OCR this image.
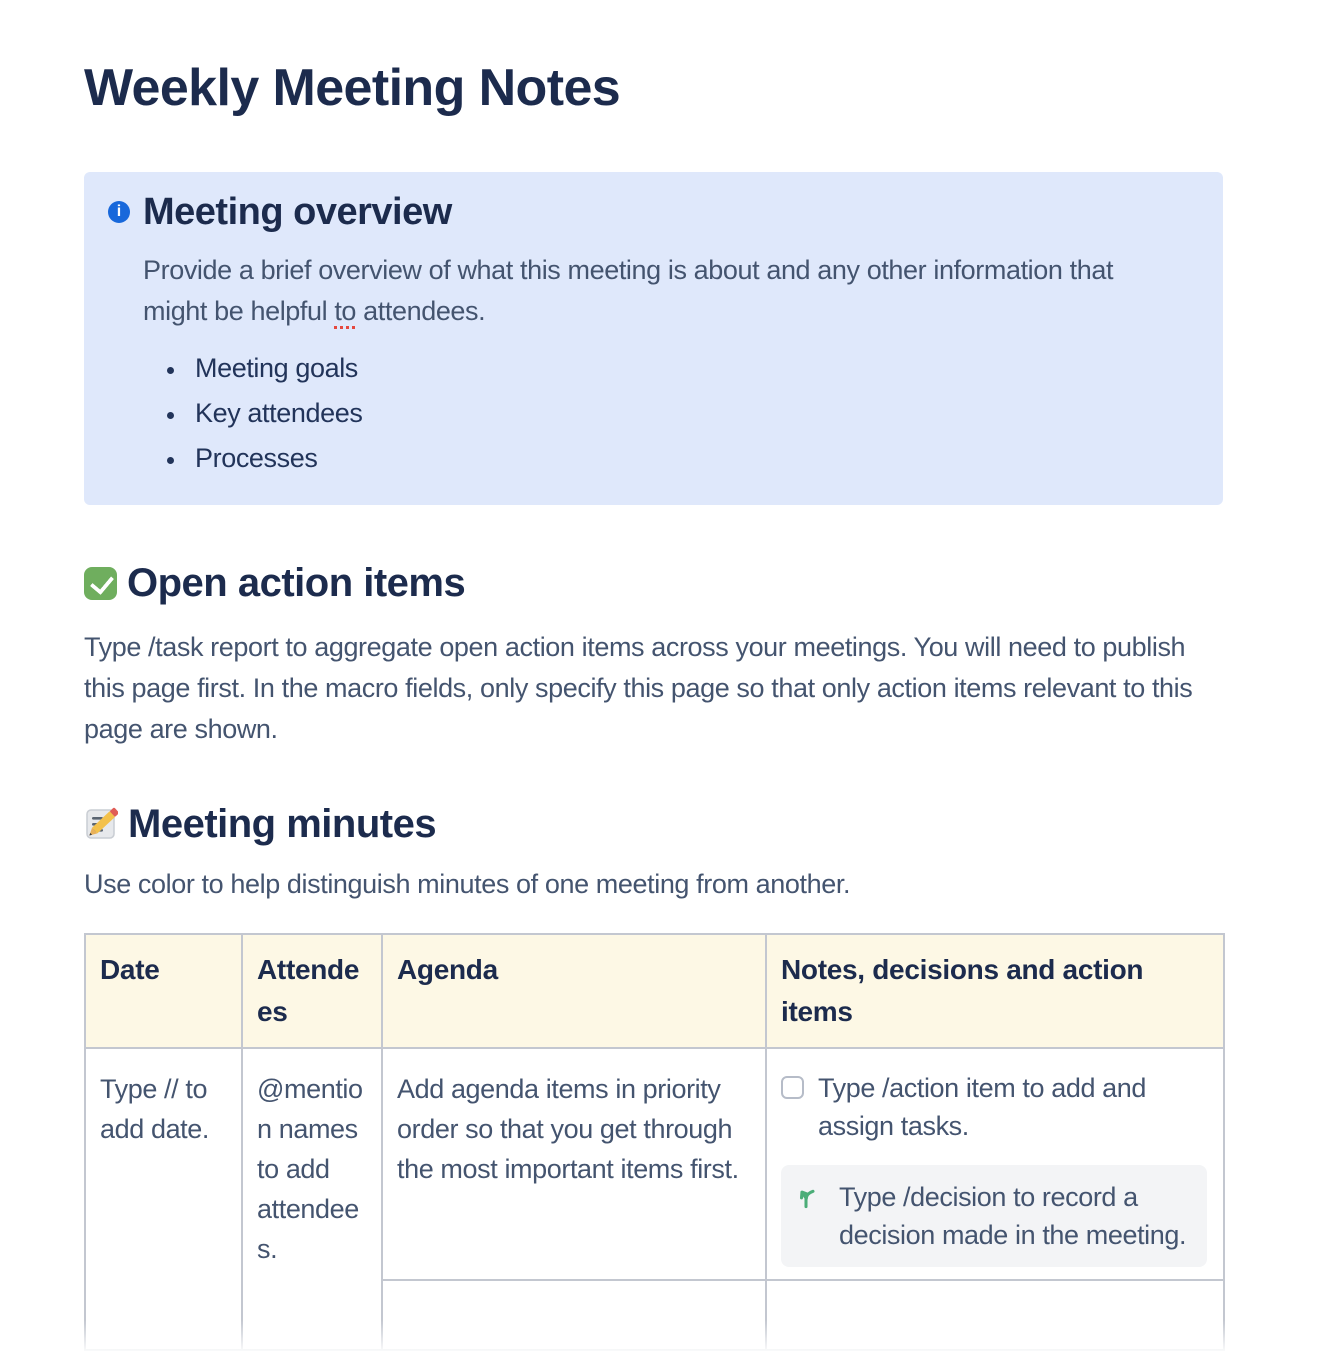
Weekly Meeting Notes
i
Meeting overview

Provide a brief overview of what this meeting is about and any other information that might be helpful to attendees.

• Meeting goals
• Key attendees
• Processes
Open action items

Type /task report to aggregate open action items across your meetings. You will need to publish this page first. In the macro fields, only specify this page so that only action items relevant to this page are shown.

Meeting minutes

Use color to help distinguish minutes of one meeting from another.

Date	Attendees	Agenda	Notes, decisions and action items
Type // to add date.	@mention names to add attendees.	Add agenda items in priority order so that you get through the most important items first.	Type /action item to add and assign tasks.
Type /decision to record a decision made in the meeting.
